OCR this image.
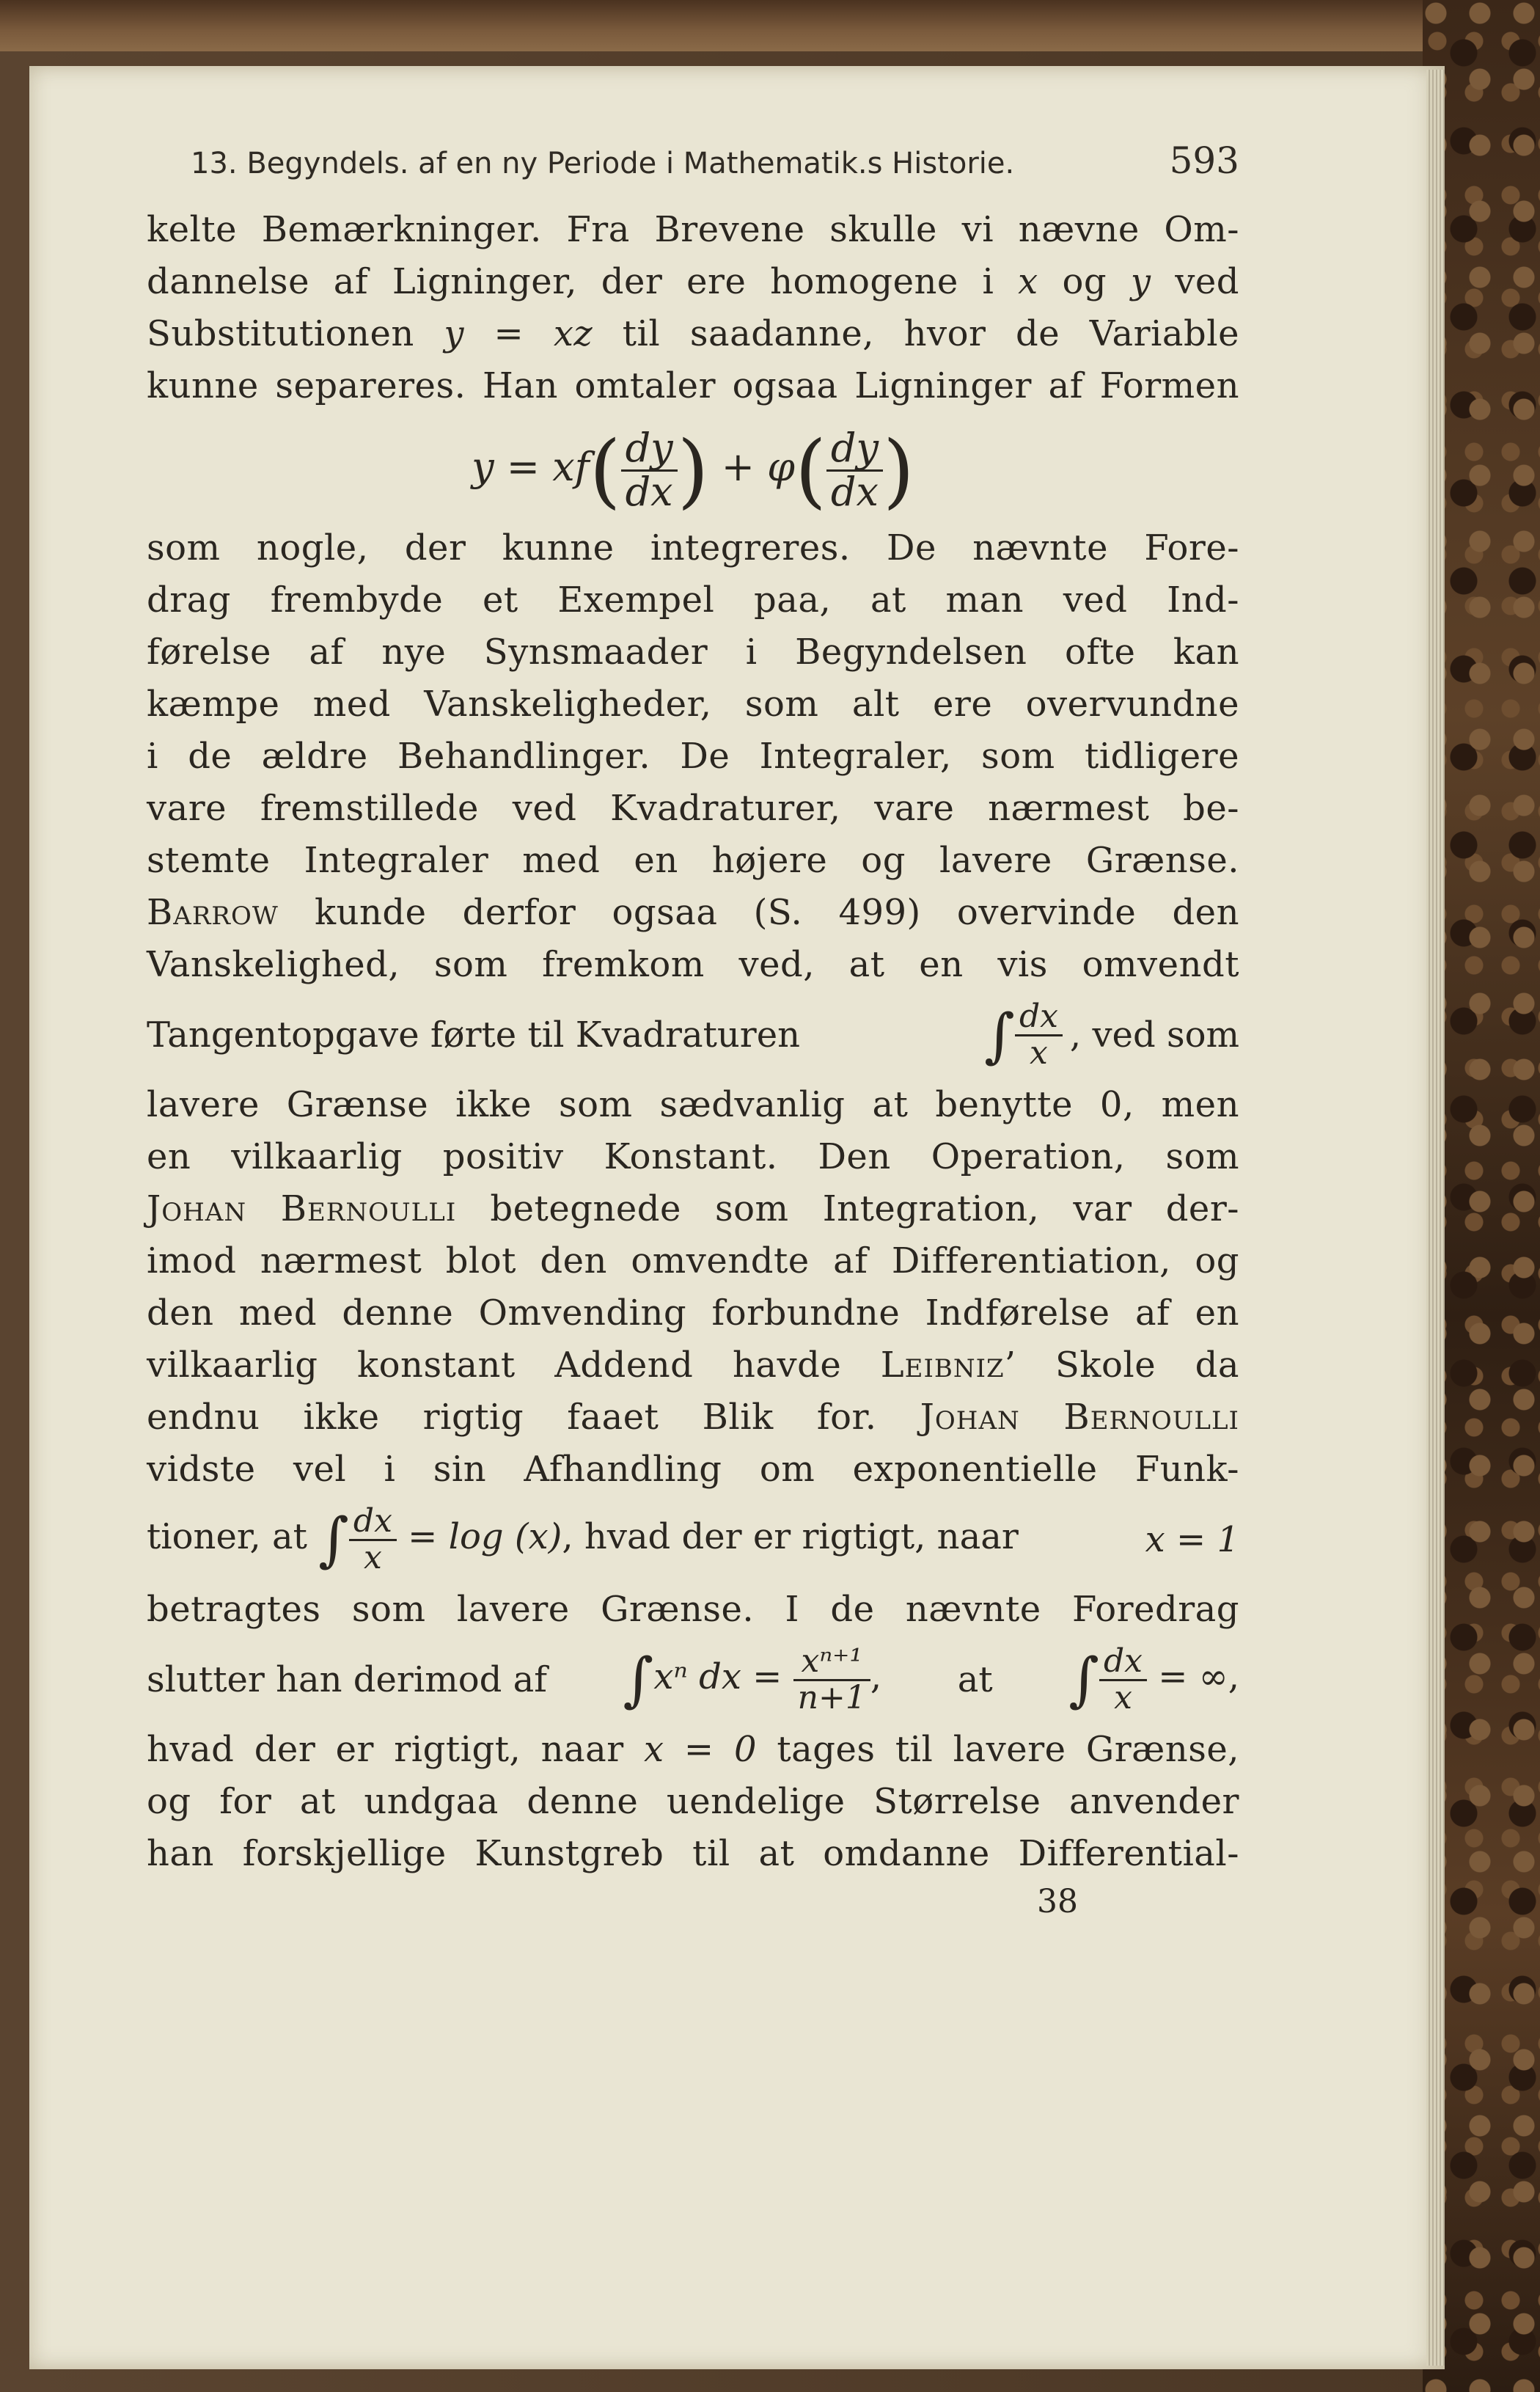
13. Begyndels. af en ny Periode i Mathematik.s Historie.	593
kelte Bemærkninger. Fra Brevene skulle vi nævne Om-
dannelse af Ligninger, der ere homogene i x og y ved
Substitutionen y = xz til saadanne, hvor de Variable
kunne separeres. Han omtaler ogsaa Ligninger af Formen
$y = xf( \frac{dy}{dx}$ ) + $\varphi( \frac{dy}{dx}$ )
som nogle, der kunne integreres. De nævnte Fore-
drag frembyde et Exempel paa, at man ved Ind-
førelse af nye Synsmaader i Begyndelsen ofte kan
kæmpe med Vanskeligheder, som alt ere overvundne
i de ældre Behandlinger. De Integraler, som tidligere
vare fremstillede ved Kvadraturer, vare nærmest be-
stemte Integraler med en højere og lavere Grænse.
Barrow kunde derfor ogsaa (S. 499) overvinde den
Vanskelighed, som fremkom ved, at en vis omvendt
Tangentopgave førte til Kvadraturen	∫ $\frac{dx}{x}$ , ved som
lavere Grænse ikke som sædvanlig at benytte 0, men
en vilkaarlig positiv Konstant. Den Operation, som
Johan Bernoulli betegnede som Integration, var der-
imod nærmest blot den omvendte af Differentiation, og
den med denne Omvending forbundne Indførelse af en
vilkaarlig konstant Addend havde Leibniz’ Skole da
endnu ikke rigtig faaet Blik for. Johan Bernoulli
vidste vel i sin Afhandling om exponentielle Funk-
tioner, at ∫ $\frac{dx}{x} = \log (x)$, hvad der er rigtigt, naar	x = 1
betragtes som lavere Grænse. I de nævnte Foredrag
slutter han derimod af ∫xⁿ dx = $\frac{\text{xⁿ⁺¹}}{n+1}$ , at ∫ $\frac{dx}{x}$ = ∞,
hvad der er rigtigt, naar x = 0 tages til lavere Grænse,
og for at undgaa denne uendelige Størrelse anvender
han forskjellige Kunstgreb til at omdanne Differential-
38
